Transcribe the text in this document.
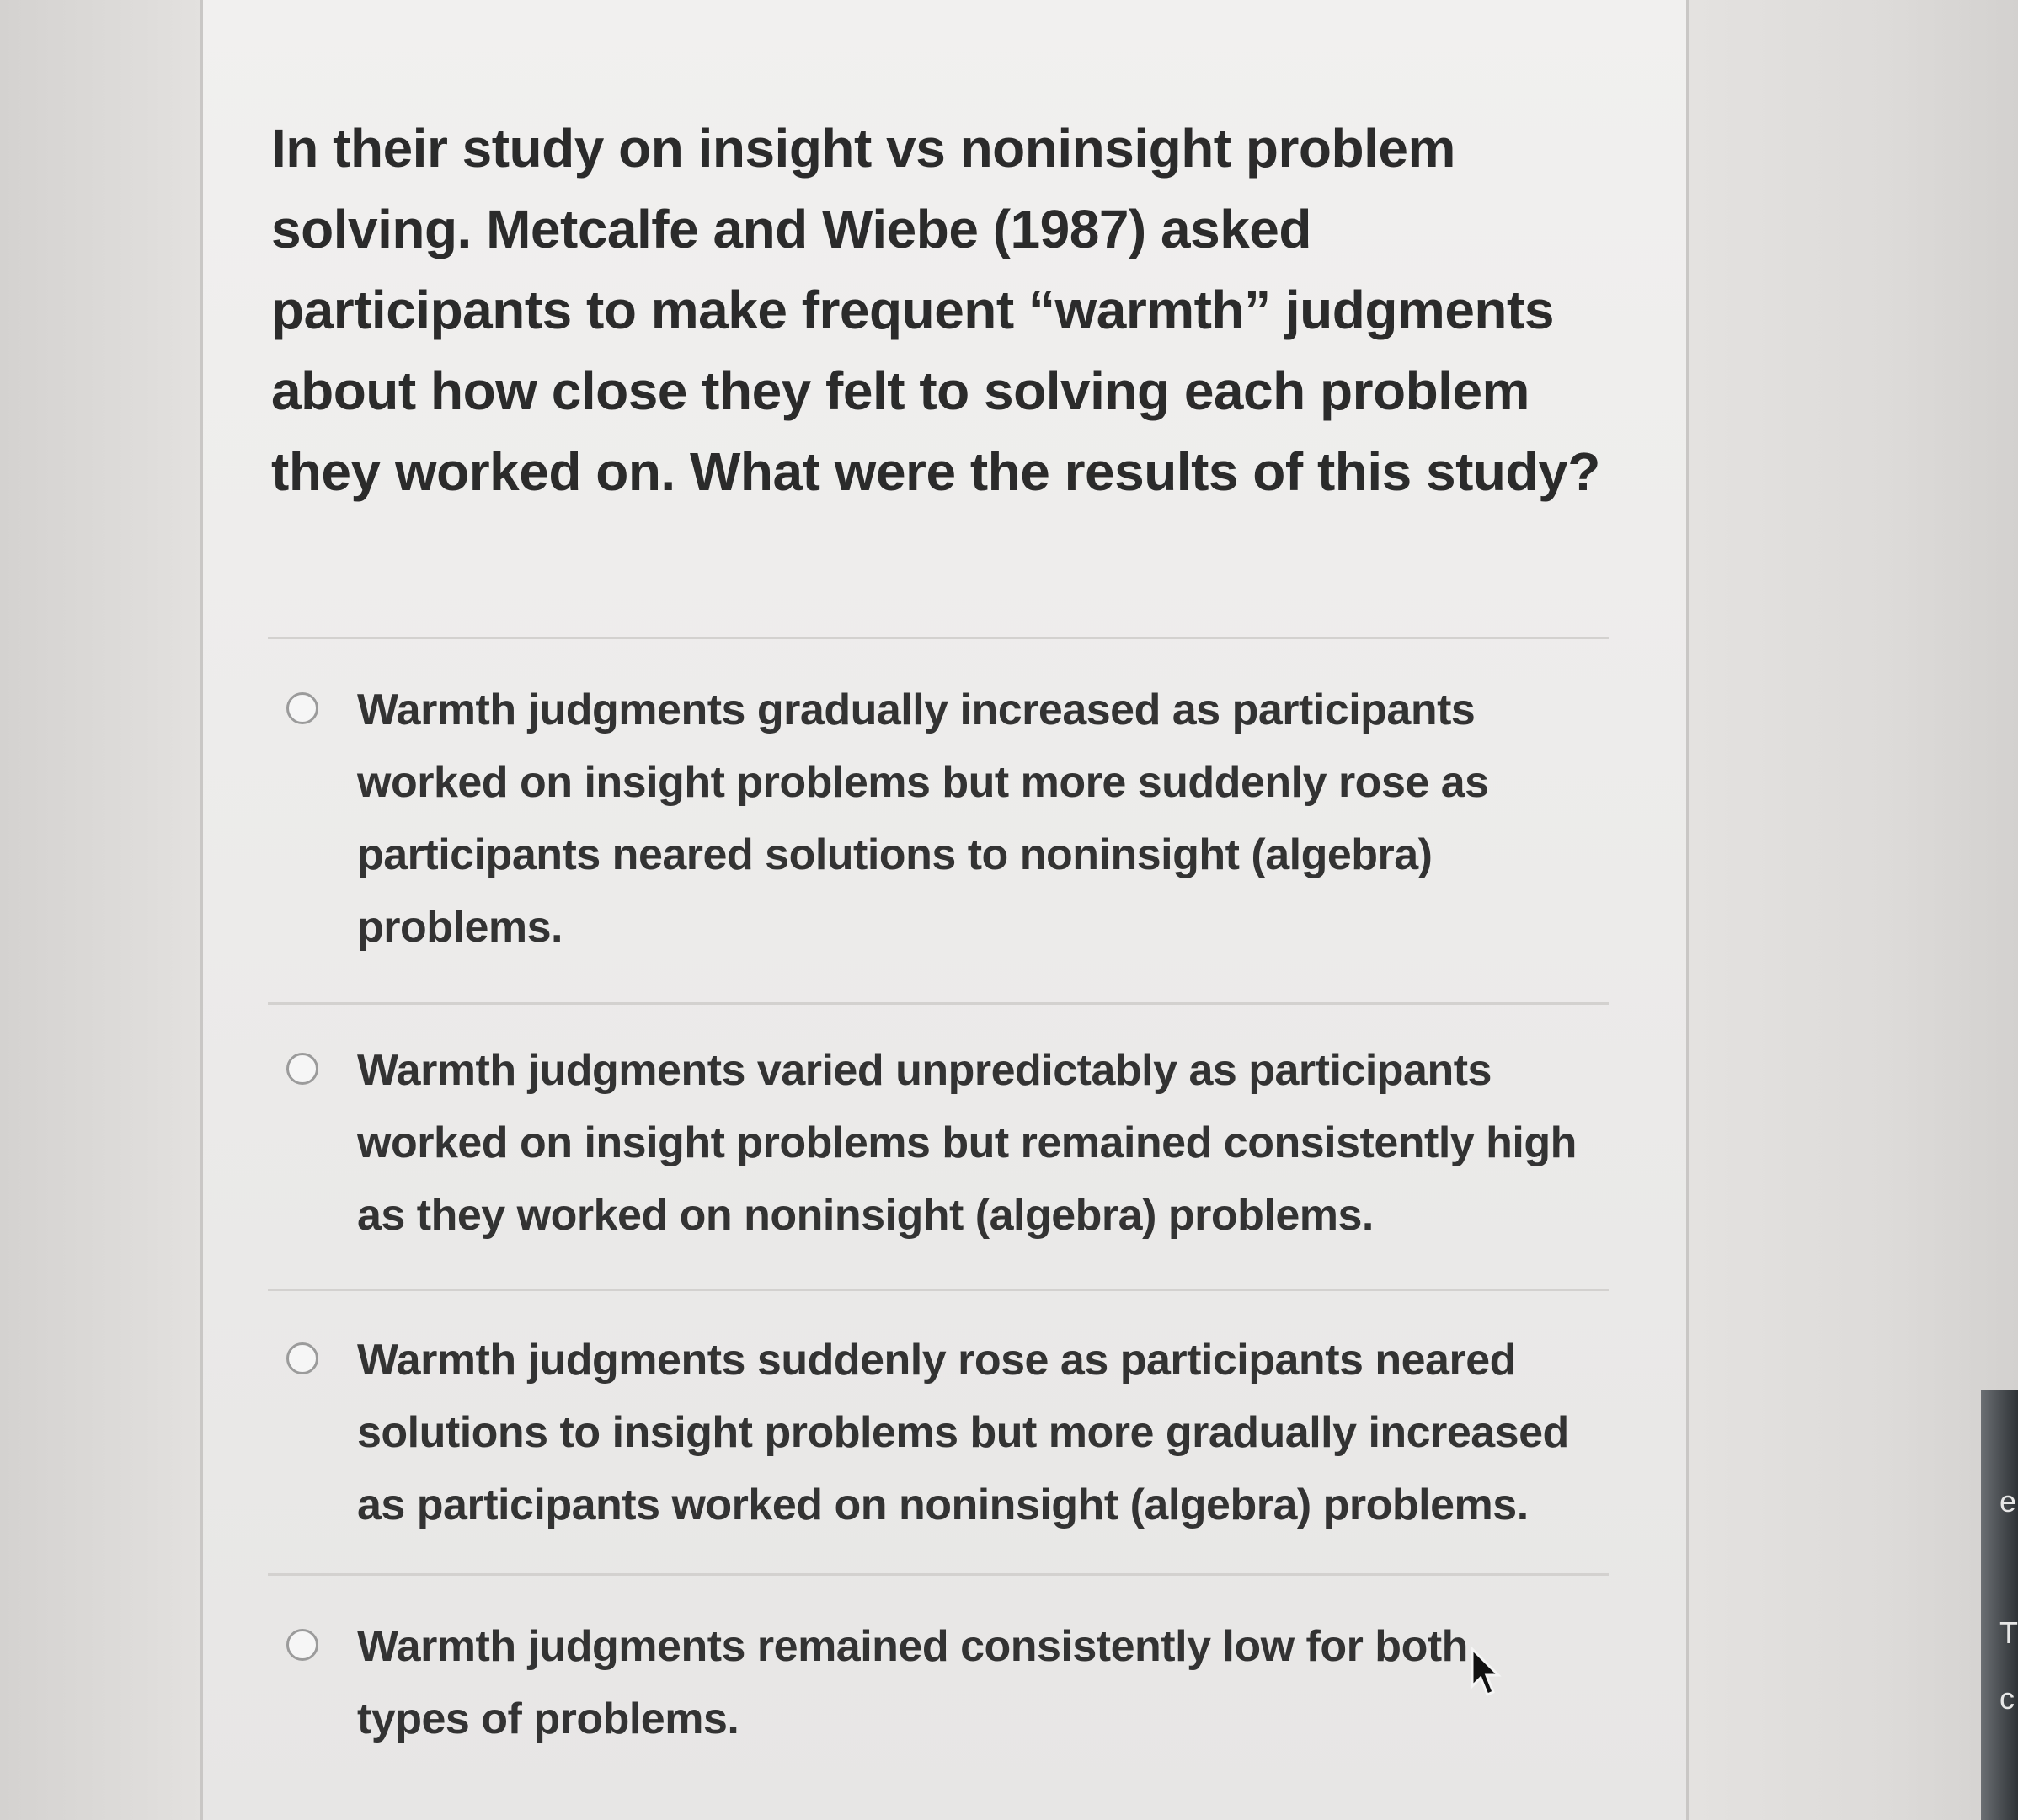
e
T
c

In their study on insight vs noninsight problem solving. Metcalfe and Wiebe (1987) asked participants to make frequent “warmth” judgments about how close they felt to solving each problem they worked on. What were the results of this study?

Warmth judgments gradually increased as participants worked on insight problems but more suddenly rose as participants neared solutions to noninsight (algebra) problems.

Warmth judgments varied unpredictably as participants worked on insight problems but remained consistently high as they worked on noninsight (algebra) problems.

Warmth judgments suddenly rose as participants neared solutions to insight problems but more gradually increased as participants worked on noninsight (algebra) problems.

Warmth judgments remained consistently low for both types of problems.
